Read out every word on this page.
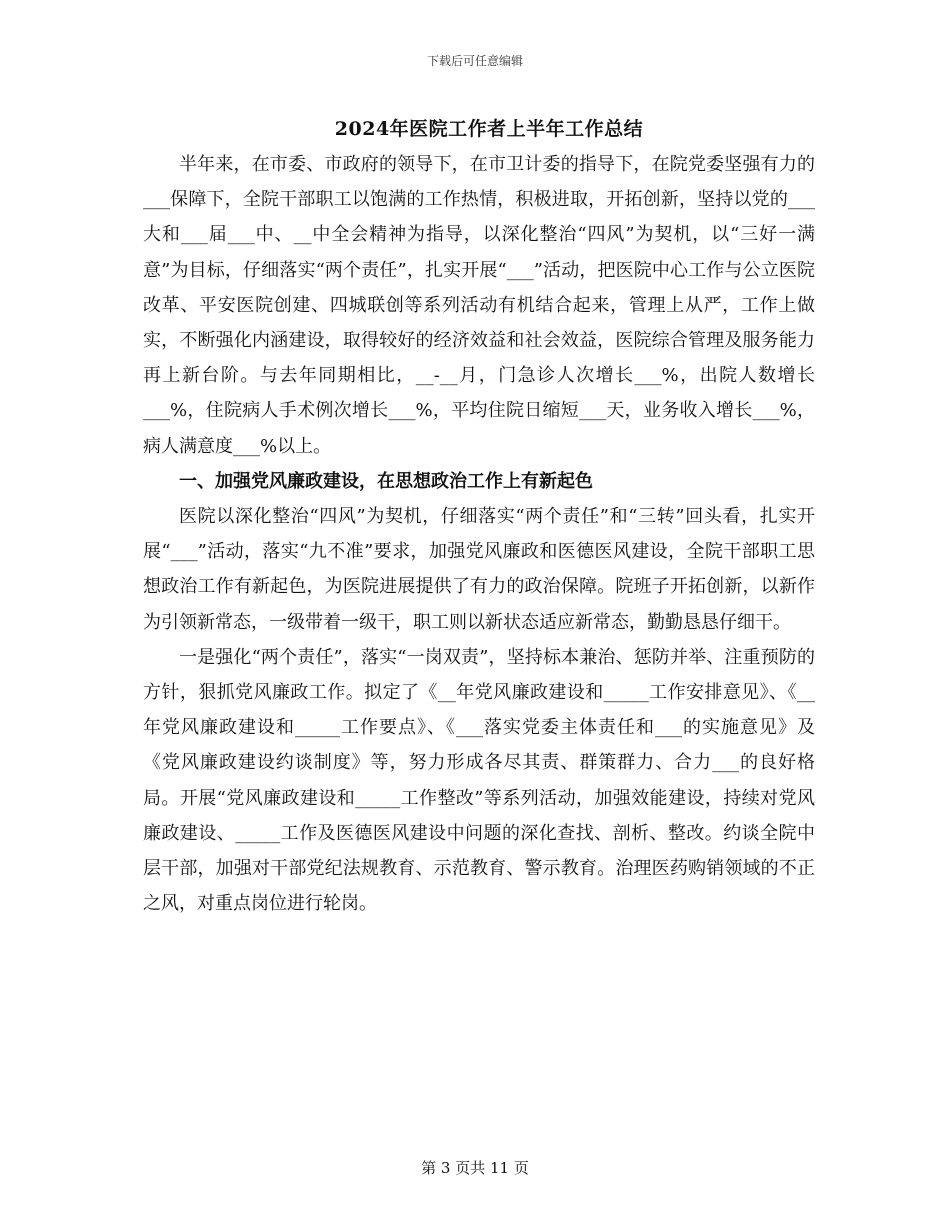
下载后可任意编辑
2024年医院工作者上半年工作总结

半年来，在市委、市政府的领导下，在市卫计委的指导下，在院党委坚强有力的___保障下，全院干部职工以饱满的工作热情，积极进取，开拓创新，坚持以党的___大和___届___中、__中全会精神为指导，以深化整治“四风”为契机，以“三好一满意”为目标，仔细落实“两个责任”，扎实开展“___”活动，把医院中心工作与公立医院改革、平安医院创建、四城联创等系列活动有机结合起来，管理上从严，工作上做实，不断强化内涵建设，取得较好的经济效益和社会效益，医院综合管理及服务能力再上新台阶。与去年同期相比，__-__月，门急诊人次增长___%，出院人数增长___%，住院病人手术例次增长___%，平均住院日缩短___天，业务收入增长___%，病人满意度___%以上。

一、加强党风廉政建设，在思想政治工作上有新起色

医院以深化整治“四风”为契机，仔细落实“两个责任”和“三转”回头看，扎实开展“___”活动，落实“九不准”要求，加强党风廉政和医德医风建设，全院干部职工思想政治工作有新起色，为医院进展提供了有力的政治保障。院班子开拓创新，以新作为引领新常态，一级带着一级干，职工则以新状态适应新常态，勤勤恳恳仔细干。

一是强化“两个责任”，落实“一岗双责”，坚持标本兼治、惩防并举、注重预防的方针，狠抓党风廉政工作。拟定了《__年党风廉政建设和_____工作安排意见》、《__年党风廉政建设和_____工作要点》、《___落实党委主体责任和___的实施意见》及《党风廉政建设约谈制度》等，努力形成各尽其责、群策群力、合力___的良好格局。开展“党风廉政建设和_____工作整改”等系列活动，加强效能建设，持续对党风廉政建设、_____工作及医德医风建设中问题的深化查找、剖析、整改。约谈全院中层干部，加强对干部党纪法规教育、示范教育、警示教育。治理医药购销领域的不正之风，对重点岗位进行轮岗。

第 3 页共 11 页
